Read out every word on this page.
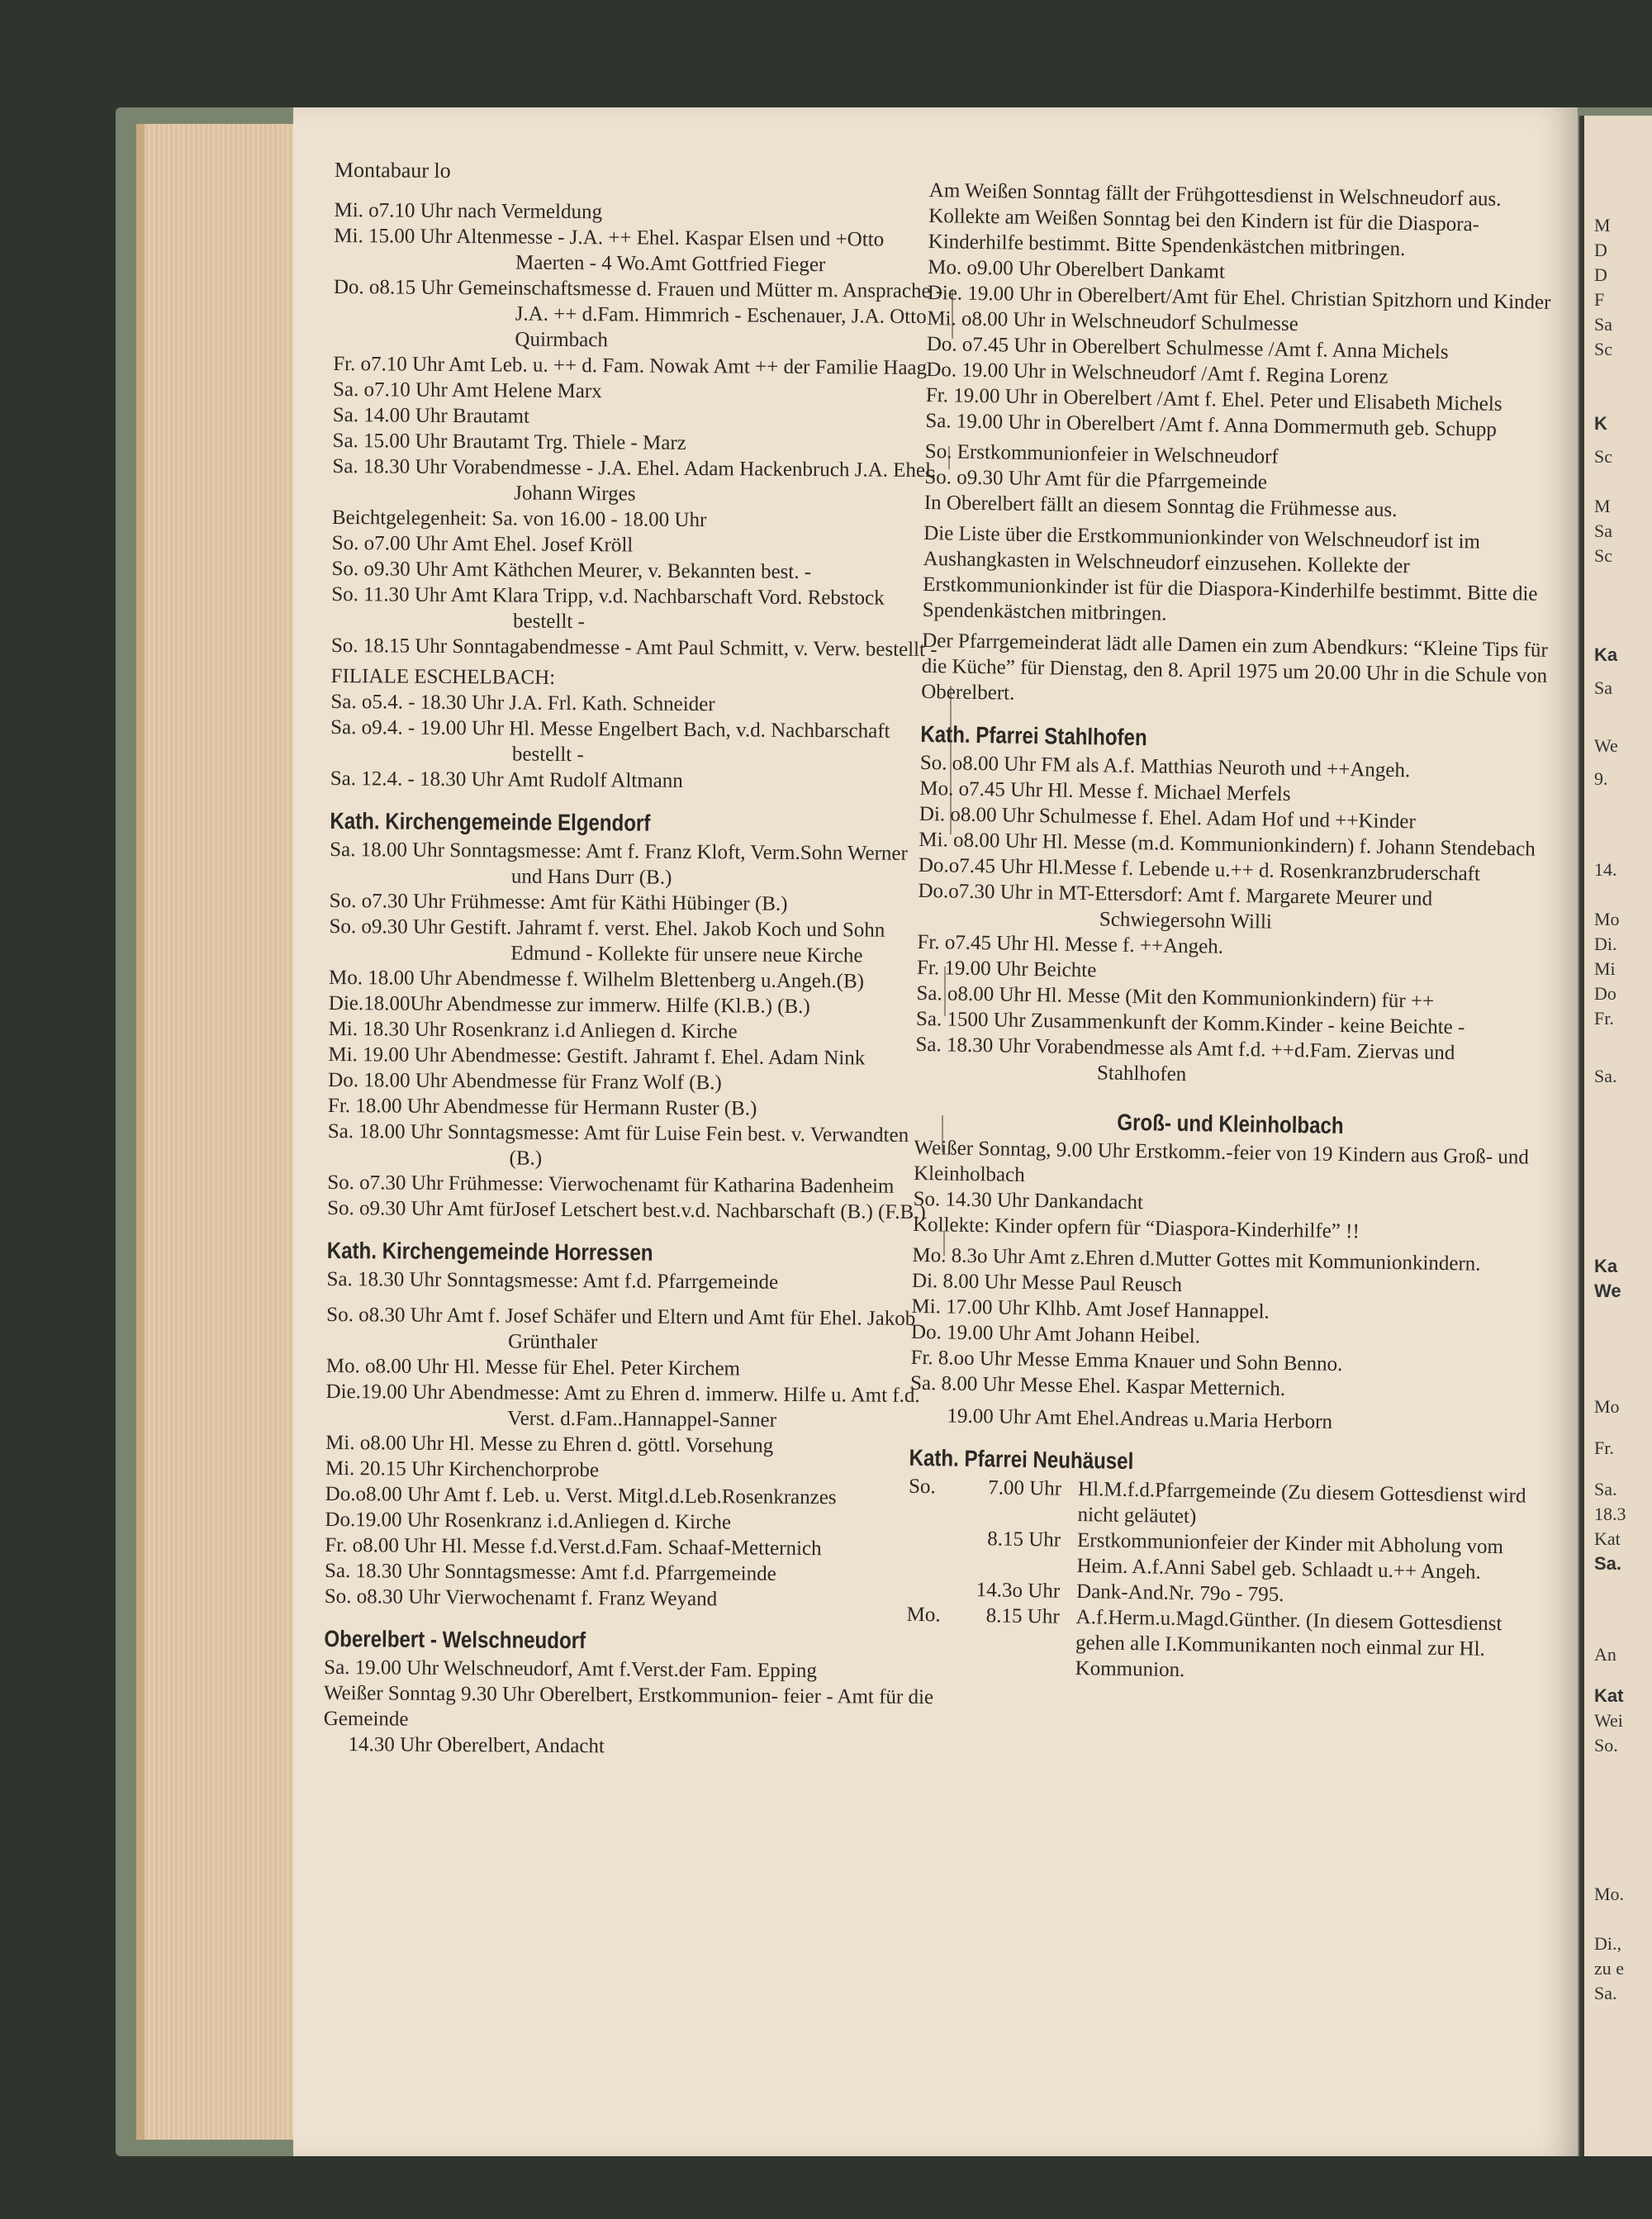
M
D
D
F
Sa
Sc
K
Sc
M
Sa
Sc
Ka
Sa
We
9.
14.
Mo
Di.
Mi
Do
Fr.
Sa.
Ka
We
Mo
Fr.
Sa.
18.3
Kat
Sa.
An
Kat
Wei
So.
Mo.
Di.,
zu e
Sa.
Montabaur lo

Mi. o7.10 Uhr nach Vermeldung

Mi. 15.00 Uhr Altenmesse - J.A. ++ Ehel. Kaspar Elsen und +Otto Maerten - 4 Wo.Amt Gottfried Fieger

Do. o8.15 Uhr Gemeinschaftsmesse d. Frauen und Mütter m. Ansprache - J.A. ++ d.Fam. Himmrich - Eschenauer, J.A. Otto Quirmbach

Fr. o7.10 Uhr Amt Leb. u. ++ d. Fam. Nowak Amt ++ der Familie Haag

Sa. o7.10 Uhr Amt Helene Marx

Sa. 14.00 Uhr Brautamt

Sa. 15.00 Uhr Brautamt Trg. Thiele - Marz

Sa. 18.30 Uhr Vorabendmesse - J.A. Ehel. Adam Hackenbruch J.A. Ehel. Johann Wirges

Beichtgelegenheit: Sa. von 16.00 - 18.00 Uhr

So. o7.00 Uhr Amt Ehel. Josef Kröll

So. o9.30 Uhr Amt Käthchen Meurer, v. Bekannten best. -

So. 11.30 Uhr Amt Klara Tripp, v.d. Nachbarschaft Vord. Rebstock bestellt -

So. 18.15 Uhr Sonntagabendmesse - Amt Paul Schmitt, v. Verw. bestellt -

FILIALE ESCHELBACH:

Sa. o5.4. - 18.30 Uhr J.A. Frl. Kath. Schneider

Sa. o9.4. - 19.00 Uhr Hl. Messe Engelbert Bach, v.d. Nachbarschaft bestellt -

Sa. 12.4. - 18.30 Uhr Amt Rudolf Altmann

Kath. Kirchengemeinde Elgendorf

Sa. 18.00 Uhr Sonntagsmesse: Amt f. Franz Kloft, Verm.Sohn Werner und Hans Durr (B.)

So. o7.30 Uhr Frühmesse: Amt für Käthi Hübinger (B.)

So. o9.30 Uhr Gestift. Jahramt f. verst. Ehel. Jakob Koch und Sohn Edmund - Kollekte für unsere neue Kirche

Mo. 18.00 Uhr Abendmesse f. Wilhelm Blettenberg u.Angeh.(B)

Die.18.00Uhr Abendmesse zur immerw. Hilfe (Kl.B.) (B.)

Mi. 18.30 Uhr Rosenkranz i.d Anliegen d. Kirche

Mi. 19.00 Uhr Abendmesse: Gestift. Jahramt f. Ehel. Adam Nink

Do. 18.00 Uhr Abendmesse für Franz Wolf (B.)

Fr. 18.00 Uhr Abendmesse für Hermann Ruster (B.)

Sa. 18.00 Uhr Sonntagsmesse: Amt für Luise Fein best. v. Verwandten (B.)

So. o7.30 Uhr Frühmesse: Vierwochenamt für Katharina Badenheim

So. o9.30 Uhr Amt fürJosef Letschert best.v.d. Nachbarschaft (B.) (F.B.)

Kath. Kirchengemeinde Horressen

Sa. 18.30 Uhr Sonntagsmesse: Amt f.d. Pfarrgemeinde

So. o8.30 Uhr Amt f. Josef Schäfer und Eltern und Amt für Ehel. Jakob Grünthaler

Mo. o8.00 Uhr Hl. Messe für Ehel. Peter Kirchem

Die.19.00 Uhr Abendmesse: Amt zu Ehren d. immerw. Hilfe u. Amt f.d. Verst. d.Fam..Hannappel-Sanner

Mi. o8.00 Uhr Hl. Messe zu Ehren d. göttl. Vorsehung

Mi. 20.15 Uhr Kirchenchorprobe

Do.o8.00 Uhr Amt f. Leb. u. Verst. Mitgl.d.Leb.Rosenkranzes

Do.19.00 Uhr Rosenkranz i.d.Anliegen d. Kirche

Fr. o8.00 Uhr Hl. Messe f.d.Verst.d.Fam. Schaaf-Metternich

Sa. 18.30 Uhr Sonntagsmesse: Amt f.d. Pfarrgemeinde

So. o8.30 Uhr Vierwochenamt f. Franz Weyand

Oberelbert - Welschneudorf

Sa. 19.00 Uhr Welschneudorf, Amt f.Verst.der Fam. Epping

Weißer Sonntag 9.30 Uhr Oberelbert, Erstkommunion- feier - Amt für die Gemeinde

14.30 Uhr Oberelbert, Andacht

Am Weißen Sonntag fällt der Frühgottesdienst in Welschneudorf aus.

Kollekte am Weißen Sonntag bei den Kindern ist für die Diaspora-Kinderhilfe bestimmt. Bitte Spendenkästchen mitbringen.

Mo. o9.00 Uhr Oberelbert Dankamt

Die. 19.00 Uhr in Oberelbert/Amt für Ehel. Christian Spitzhorn und Kinder

Mi. o8.00 Uhr in Welschneudorf Schulmesse

Do. o7.45 Uhr in Oberelbert Schulmesse /Amt f. Anna Michels

Do. 19.00 Uhr in Welschneudorf /Amt f. Regina Lorenz

Fr. 19.00 Uhr in Oberelbert /Amt f. Ehel. Peter und Elisabeth Michels

Sa. 19.00 Uhr in Oberelbert /Amt f. Anna Dommermuth geb. Schupp

So. Erstkommunionfeier in Welschneudorf

So. o9.30 Uhr Amt für die Pfarrgemeinde

In Oberelbert fällt an diesem Sonntag die Frühmesse aus.

Die Liste über die Erstkommunionkinder von Welschneudorf ist im Aushangkasten in Welschneudorf einzusehen. Kollekte der Erstkommunionkinder ist für die Diaspora-Kinderhilfe bestimmt. Bitte die Spendenkästchen mitbringen.

Der Pfarrgemeinderat lädt alle Damen ein zum Abendkurs: “Kleine Tips für die Küche” für Dienstag, den 8. April 1975 um 20.00 Uhr in die Schule von Oberelbert.

Kath. Pfarrei Stahlhofen

So. o8.00 Uhr FM als A.f. Matthias Neuroth und ++Angeh.

Mo. o7.45 Uhr Hl. Messe f. Michael Merfels

Di. o8.00 Uhr Schulmesse f. Ehel. Adam Hof und ++Kinder

Mi. o8.00 Uhr Hl. Messe (m.d. Kommunionkindern) f. Johann Stendebach

Do.o7.45 Uhr Hl.Messe f. Lebende u.++ d. Rosenkranzbruderschaft

Do.o7.30 Uhr in MT-Ettersdorf: Amt f. Margarete Meurer und Schwiegersohn Willi

Fr. o7.45 Uhr Hl. Messe f. ++Angeh.

Fr. 19.00 Uhr Beichte

Sa. o8.00 Uhr Hl. Messe (Mit den Kommunionkindern) für ++

Sa. 1500 Uhr Zusammenkunft der Komm.Kinder - keine Beichte -

Sa. 18.30 Uhr Vorabendmesse als Amt f.d. ++d.Fam. Ziervas und Stahlhofen

Groß- und Kleinholbach

Weißer Sonntag, 9.00 Uhr Erstkomm.-feier von 19 Kindern aus Groß- und Kleinholbach

So. 14.30 Uhr Dankandacht

Kollekte: Kinder opfern für “Diaspora-Kinderhilfe” !!

Mo. 8.3o Uhr Amt z.Ehren d.Mutter Gottes mit Kommunionkindern.

Di. 8.00 Uhr Messe Paul Reusch

Mi. 17.00 Uhr Klhb. Amt Josef Hannappel.

Do. 19.00 Uhr Amt Johann Heibel.

Fr. 8.oo Uhr Messe Emma Knauer und Sohn Benno.

Sa. 8.00 Uhr Messe Ehel. Kaspar Metternich.

19.00 Uhr Amt Ehel.Andreas u.Maria Herborn

Kath. Pfarrei Neuhäusel
So.	7.00 Uhr Hl.M.f.d.Pfarrgemeinde (Zu diesem Gottesdienst wird nicht geläutet)
8.15 Uhr Erstkommunionfeier der Kinder mit Abholung vom Heim. A.f.Anni Sabel geb. Schlaadt u.++ Angeh.
14.3o Uhr Dank-And.Nr. 79o - 795.
Mo.	8.15 Uhr A.f.Herm.u.Magd.Günther. (In diesem Gottesdienst gehen alle I.Kommunikanten noch einmal zur Hl. Kommunion.
